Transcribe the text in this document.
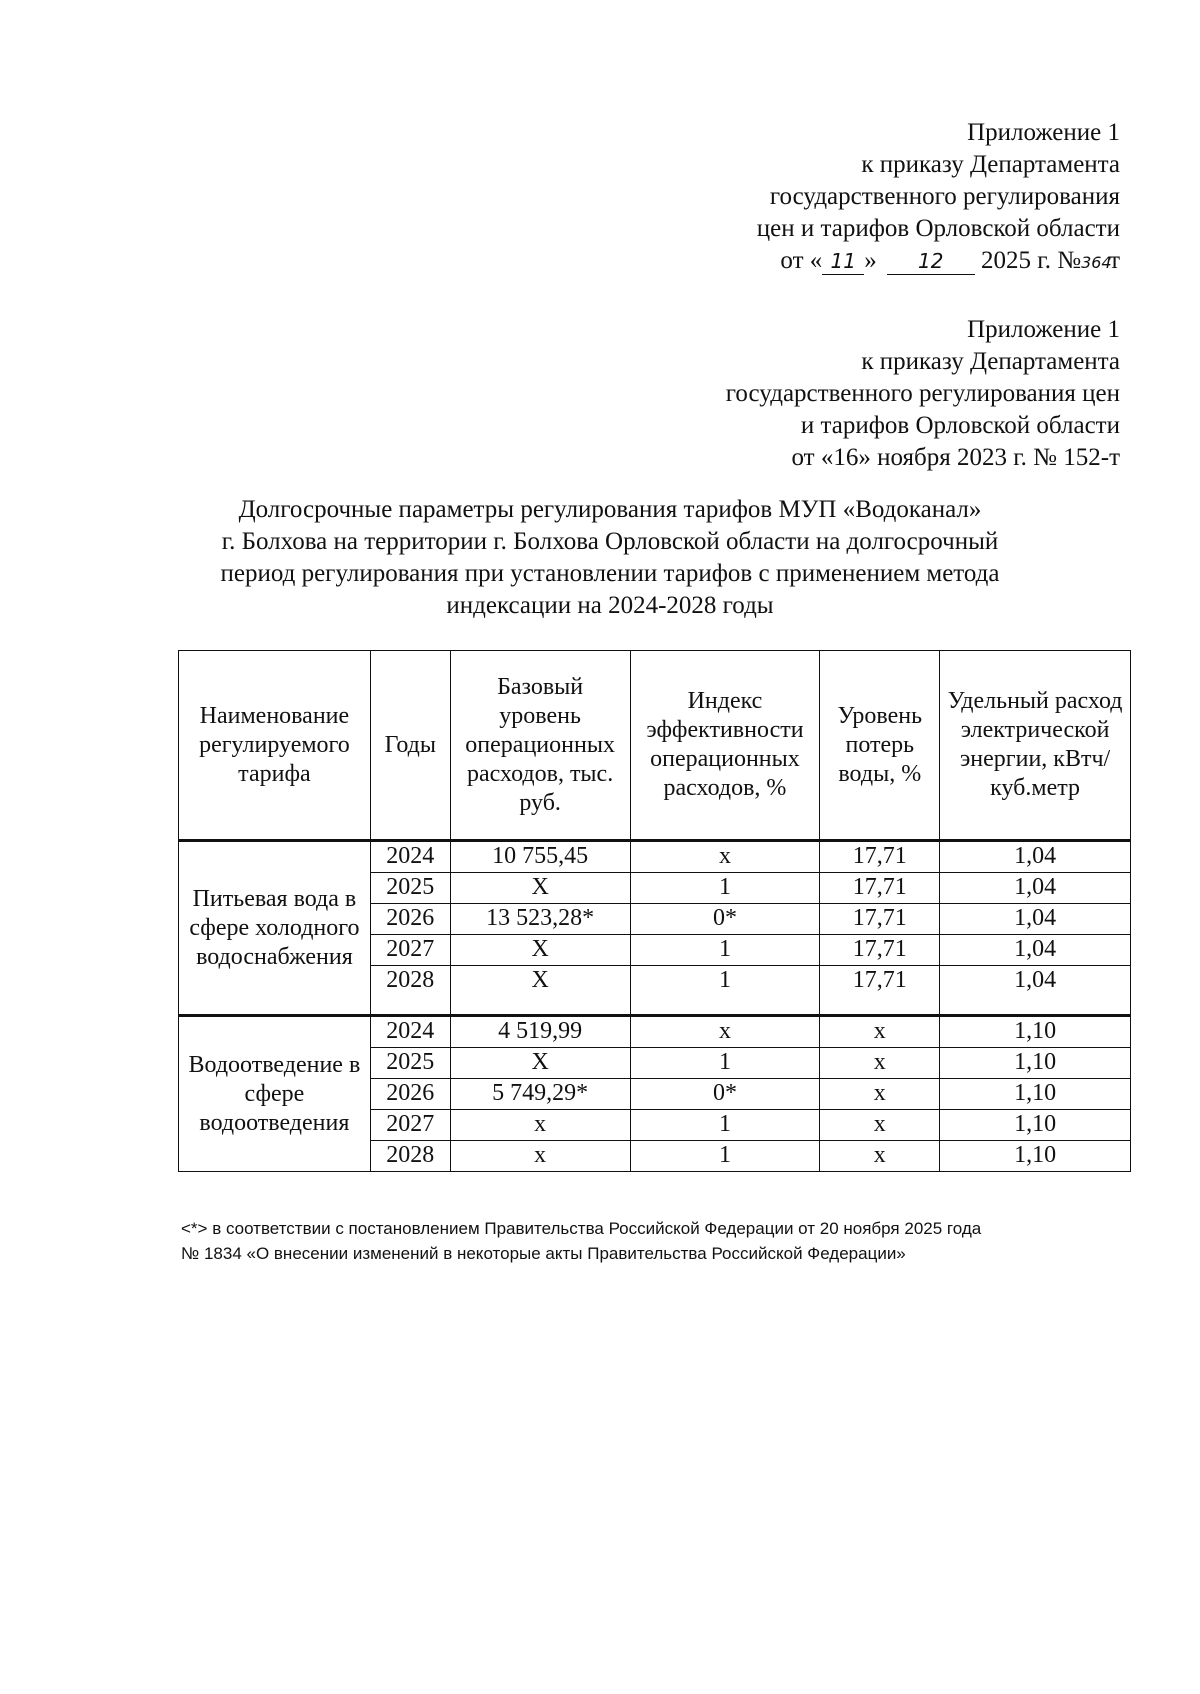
Приложение 1
к приказу Департамента
государственного регулирования
цен и тарифов Орловской области
от « 11 » 12 2025 г. №364т
Приложение 1
к приказу Департамента
государственного регулирования цен
и тарифов Орловской области
от «16» ноября 2023 г. № 152-т
Долгосрочные параметры регулирования тарифов МУП «Водоканал»
г. Болхова на территории г. Болхова Орловской области на долгосрочный
период регулирования при установлении тарифов с применением метода
индексации на 2024-2028 годы
Наименование регулируемого тарифа	Годы	Базовый уровень операционных расходов, тыс. руб.	Индекс эффективности операционных расходов, %	Уровень потерь воды, %	Удельный расход электрической энергии, кВтч/куб.метр
Питьевая вода в сфере холодного водоснабжения	2024	10 755,45	х	17,71	1,04
	2025	Х	1	17,71	1,04
	2026	13 523,28*	0*	17,71	1,04
	2027	Х	1	17,71	1,04
	2028	Х	1	17,71	1,04
Водоотведение в сфере водоотведения	2024	4 519,99	х	х	1,10
	2025	Х	1	х	1,10
	2026	5 749,29*	0*	х	1,10
	2027	х	1	х	1,10
	2028	х	1	х	1,10
<*> в соответствии с постановлением Правительства Российской Федерации от 20 ноября 2025 года
№ 1834 «О внесении изменений в некоторые акты Правительства Российской Федерации»
